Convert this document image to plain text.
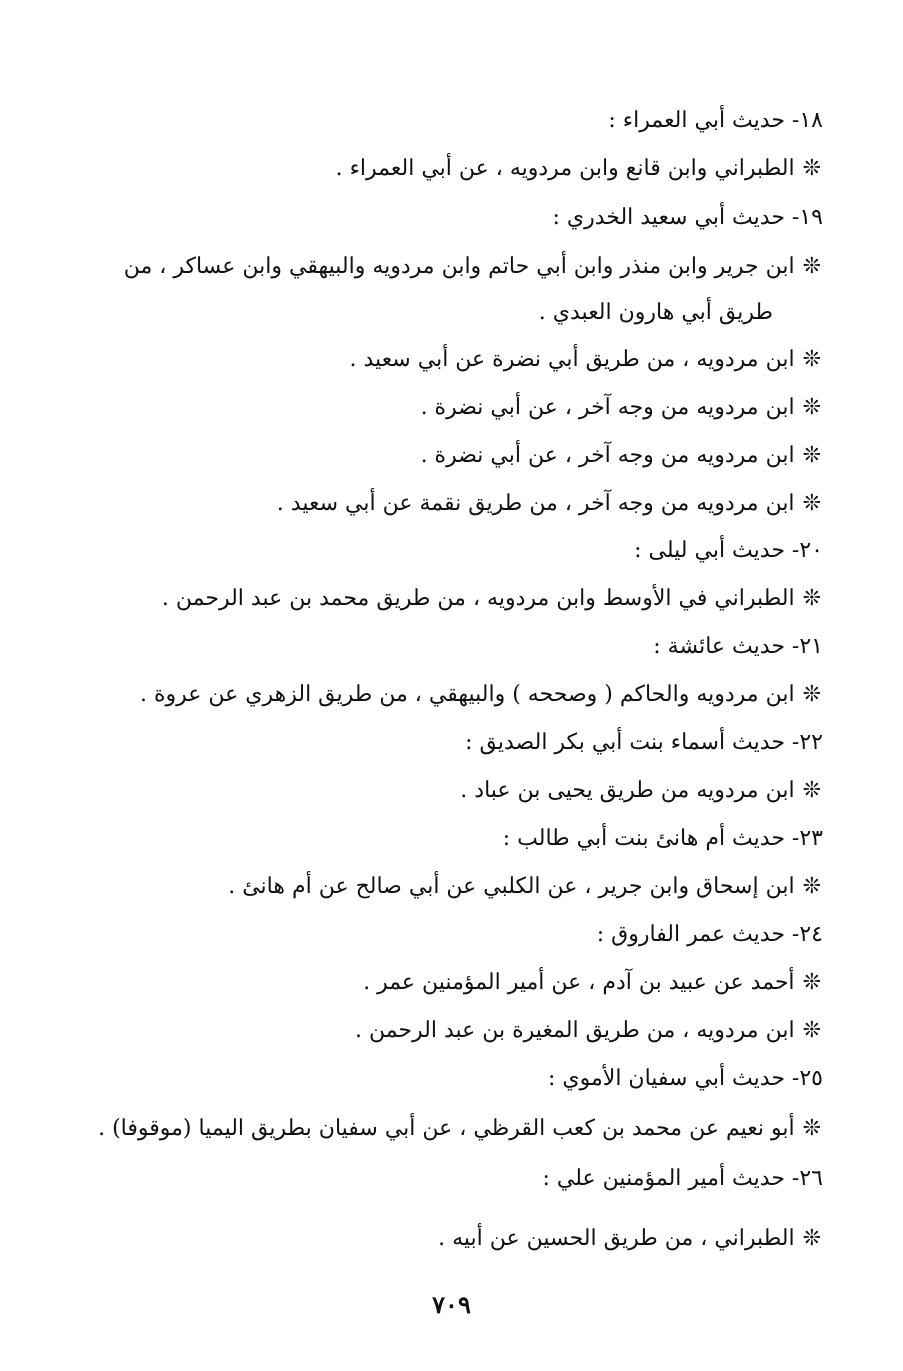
١٨- حديث أبي العمراء :
❊الطبراني وابن قانع وابن مردويه ، عن أبي العمراء .
١٩- حديث أبي سعيد الخدري :
❊ابن جرير وابن منذر وابن أبي حاتم وابن مردويه والبيهقي وابن عساكر ، من
طريق أبي هارون العبدي .
❊ابن مردويه ، من طريق أبي نضرة عن أبي سعيد .
❊ابن مردويه من وجه آخر ، عن أبي نضرة .
❊ابن مردويه من وجه آخر ، عن أبي نضرة .
❊ابن مردويه من وجه آخر ، من طريق نقمة عن أبي سعيد .
٢٠- حديث أبي ليلى :
❊الطبراني في الأوسط وابن مردويه ، من طريق محمد بن عبد الرحمن .
٢١- حديث عائشة :
❊ابن مردويه والحاكم ( وصححه ) والبيهقي ، من طريق الزهري عن عروة .
٢٢- حديث أسماء بنت أبي بكر الصديق :
❊ابن مردويه من طريق يحيى بن عباد .
٢٣- حديث أم هانئ بنت أبي طالب :
❊ابن إسحاق وابن جرير ، عن الكلبي عن أبي صالح عن أم هانئ .
٢٤- حديث عمر الفاروق :
❊أحمد عن عبيد بن آدم ، عن أمير المؤمنين عمر .
❊ابن مردويه ، من طريق المغيرة بن عبد الرحمن .
٢٥- حديث أبي سفيان الأموي :
❊أبو نعيم عن محمد بن كعب القرظي ، عن أبي سفيان بطريق اليميا (موقوفا) .
٢٦- حديث أمير المؤمنين علي :
❊الطبراني ، من طريق الحسين عن أبيه .
٧٠٩
